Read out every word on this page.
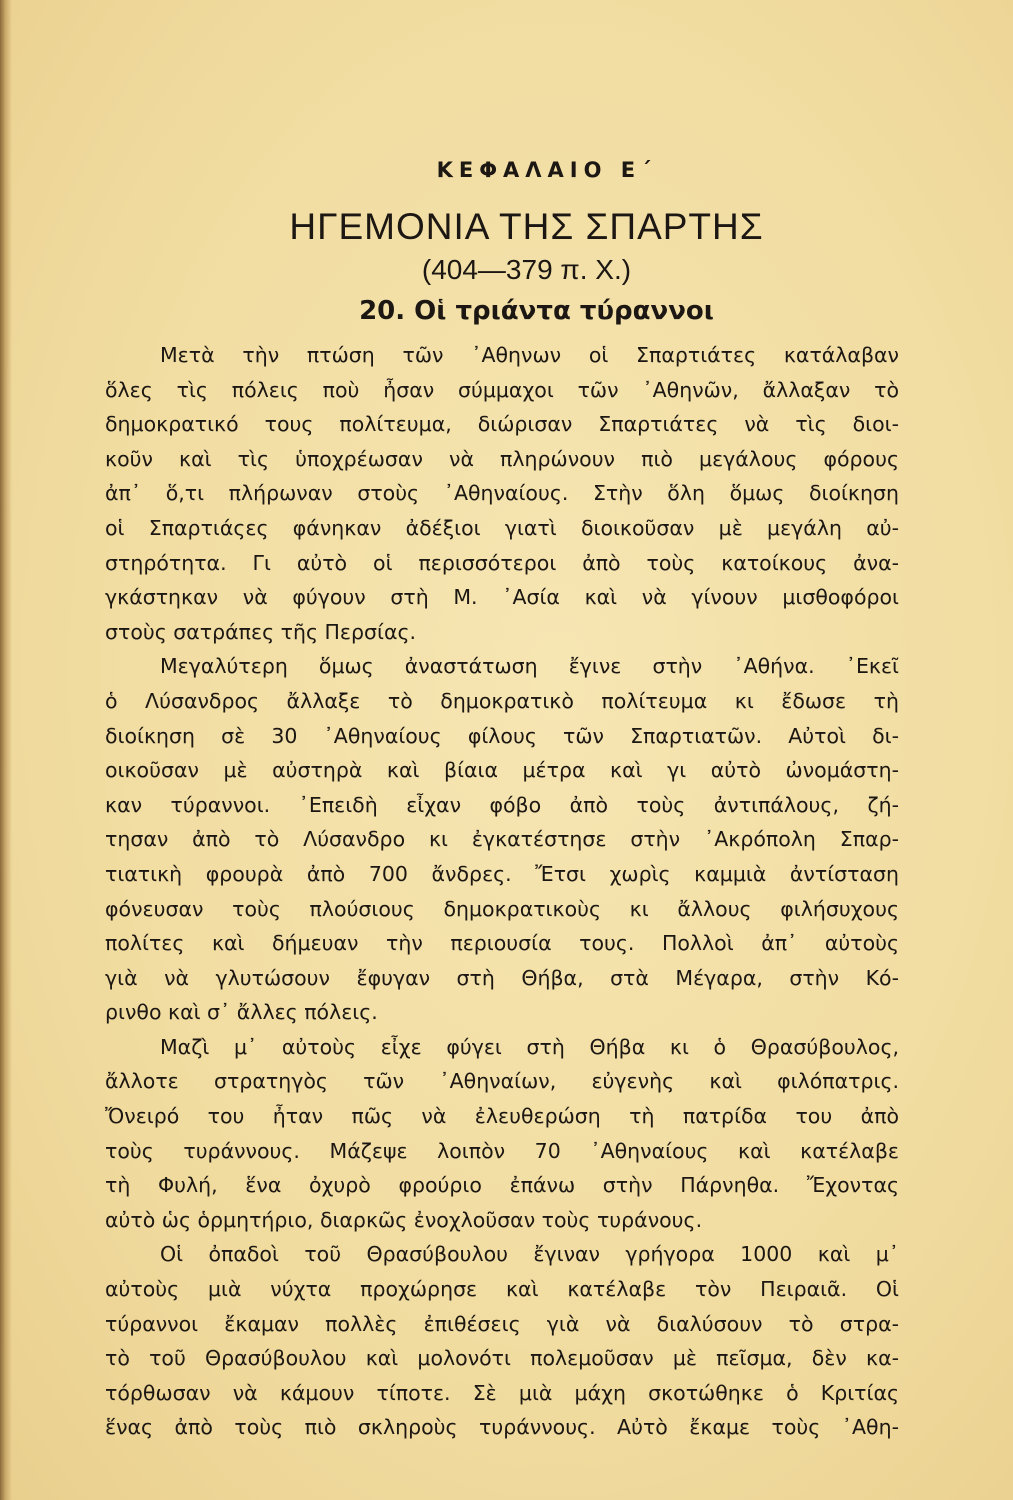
ΚΕΦΑΛΑΙΟ Ε΄
ΗΓΕΜΟΝΙΑ ΤΗΣ ΣΠΑΡΤΗΣ
(404—379 π. Χ.)
20. Οἱ τριάντα τύραννοι
Μετὰ τὴν πτώση τῶν ᾿Αθηνων οἱ Σπαρτιάτες κατάλαβαν
ὅλες τὶς πόλεις ποὺ ἦσαν σύμμαχοι τῶν ᾿Αθηνῶν, ἄλλαξαν τὸ
δημοκρατικό τους πολίτευμα, διώρισαν Σπαρτιάτες νὰ τὶς διοι-
κοῦν καὶ τὶς ὑποχρέωσαν νὰ πληρώνουν πιὸ μεγάλους φόρους
ἀπ᾿ ὅ,τι πλήρωναν στοὺς ᾿Αθηναίους. Στὴν ὅλη ὅμως διοίκηση
οἱ Σπαρτιάςες φάνηκαν ἀδέξιοι γιατὶ διοικοῦσαν μὲ μεγάλη αὐ-
στηρότητα. Γι αὐτὸ οἱ περισσότεροι ἀπὸ τοὺς κατοίκους ἀνα-
γκάστηκαν νὰ φύγουν στὴ Μ. ᾿Ασία καὶ νὰ γίνουν μισθοφόροι
στοὺς σατράπες τῆς Περσίας.
Μεγαλύτερη ὅμως ἀναστάτωση ἔγινε στὴν ᾿Αθήνα. ᾿Εκεῖ
ὁ Λύσανδρος ἄλλαξε τὸ δημοκρατικὸ πολίτευμα κι ἔδωσε τὴ
διοίκηση σὲ 30 ᾿Αθηναίους φίλους τῶν Σπαρτιατῶν. Αὐτοὶ δι-
οικοῦσαν μὲ αὐστηρὰ καὶ βίαια μέτρα καὶ γι αὐτὸ ὠνομάστη-
καν τύραννοι. ᾿Επειδὴ εἶχαν φόβο ἀπὸ τοὺς ἀντιπάλους, ζή-
τησαν ἀπὸ τὸ Λύσανδρο κι ἐγκατέστησε στὴν ᾿Ακρόπολη Σπαρ-
τιατικὴ φρουρὰ ἀπὸ 700 ἄνδρες. Ἔτσι χωρὶς καμμιὰ ἀντίσταση
φόνευσαν τοὺς πλούσιους δημοκρατικοὺς κι ἄλλους φιλήσυχους
πολίτες καὶ δήμευαν τὴν περιουσία τους. Πολλοὶ ἀπ᾿ αὐτοὺς
γιὰ νὰ γλυτώσουν ἔφυγαν στὴ Θήβα, στὰ Μέγαρα, στὴν Κό-
ρινθο καὶ σ᾿ ἄλλες πόλεις.
Μαζὶ μ᾿ αὐτοὺς εἶχε φύγει στὴ Θήβα κι ὁ Θρασύβουλος,
ἄλλοτε στρατηγὸς τῶν ᾿Αθηναίων, εὐγενὴς καὶ φιλόπατρις.
Ὄνειρό του ἦταν πῶς νὰ ἐλευθερώση τὴ πατρίδα του ἀπὸ
τοὺς τυράννους. Μάζεψε λοιπὸν 70 ᾿Αθηναίους καὶ κατέλαβε
τὴ Φυλή, ἕνα ὀχυρὸ φρούριο ἐπάνω στὴν Πάρνηθα. Ἔχοντας
αὐτὸ ὡς ὁρμητήριο, διαρκῶς ἐνοχλοῦσαν τοὺς τυράνους.
Οἱ ὀπαδοὶ τοῦ Θρασύβουλου ἔγιναν γρήγορα 1000 καὶ μ᾿
αὐτοὺς μιὰ νύχτα προχώρησε καὶ κατέλαβε τὸν Πειραιᾶ. Οἱ
τύραννοι ἔκαμαν πολλὲς ἐπιθέσεις γιὰ νὰ διαλύσουν τὸ στρα-
τὸ τοῦ Θρασύβουλου καὶ μολονότι πολεμοῦσαν μὲ πεῖσμα, δὲν κα-
τόρθωσαν νὰ κάμουν τίποτε. Σὲ μιὰ μάχη σκοτώθηκε ὁ Κριτίας
ἕνας ἀπὸ τοὺς πιὸ σκληροὺς τυράννους. Αὐτὸ ἔκαμε τοὺς ᾿Αθη-
